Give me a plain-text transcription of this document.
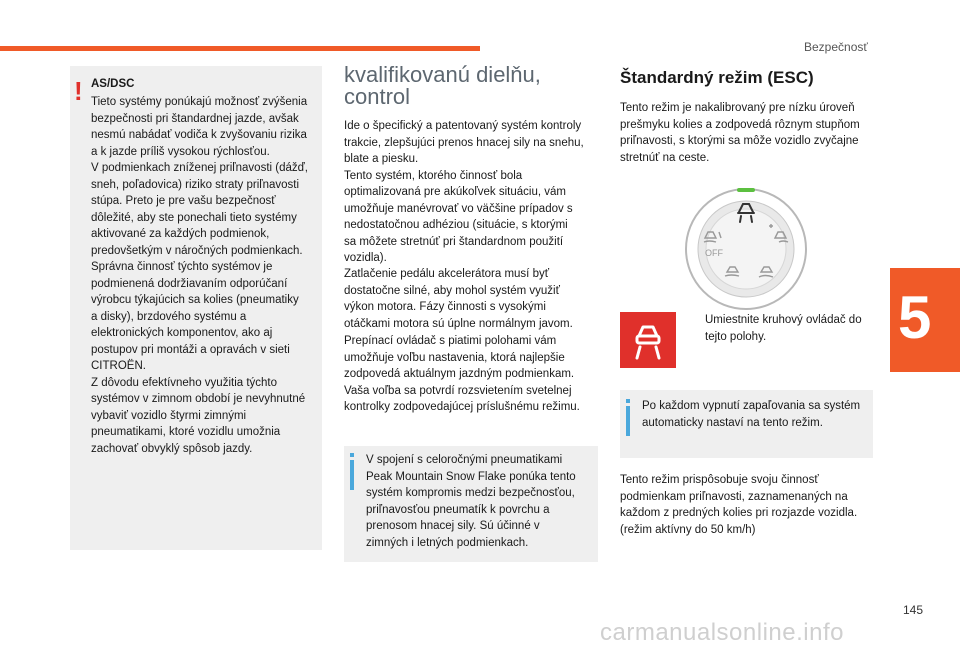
Bezpečnosť
5
! AS/DSC
Tieto systémy ponúkajú možnosť zvýšenia
bezpečnosti pri štandardnej jazde, avšak
nesmú nabádať vodiča k zvyšovaniu rizika
a k jazde príliš vysokou rýchlosťou.
V podmienkach zníženej priľnavosti (dážď,
sneh, poľadovica) riziko straty priľnavosti
stúpa. Preto je pre vašu bezpečnosť
dôležité, aby ste ponechali tieto systémy
aktivované za každých podmienok,
predovšetkým v náročných podmienkach.
Správna činnosť týchto systémov je
podmienená dodržiavaním odporúčaní
výrobcu týkajúcich sa kolies (pneumatiky
a disky), brzdového systému a
elektronických komponentov, ako aj
postupov pri montáži a opravách v sieti
CITROËN.
Z dôvodu efektívneho využitia týchto
systémov v zimnom období je nevyhnutné
vybaviť vozidlo štyrmi zimnými
pneumatikami, ktoré vozidlu umožnia
zachovať obvyklý spôsob jazdy.
kvalifikovanú dielňu,
control
Ide o špecifický a patentovaný systém kontroly
trakcie, zlepšujúci prenos hnacej sily na snehu,
blate a piesku.
Tento systém, ktorého činnosť bola
optimalizovaná pre akúkoľvek situáciu, vám
umožňuje manévrovať vo väčšine prípadov s
nedostatočnou adhéziou (situácie, s ktorými
sa môžete stretnúť pri štandardnom použití
vozidla).
Zatlačenie pedálu akcelerátora musí byť
dostatočne silné, aby mohol systém využiť
výkon motora. Fázy činnosti s vysokými
otáčkami motora sú úplne normálnym javom.
Prepínací ovládač s piatimi polohami vám
umožňuje voľbu nastavenia, ktorá najlepšie
zodpovedá aktuálnym jazdným podmienkam.
Vaša voľba sa potvrdí rozsvietením svetelnej
kontrolky zodpovedajúcej príslušnému režimu.
V spojení s celoročnými pneumatikami
Peak Mountain Snow Flake ponúka tento
systém kompromis medzi bezpečnosťou,
priľnavosťou pneumatík k povrchu a
prenosom hnacej sily. Sú účinné v
zimných i letných podmienkach.
Štandardný režim (ESC)
Tento režim je nakalibrovaný pre nízku úroveň
prešmyku kolies a zodpovedá rôznym stupňom
priľnavosti, s ktorými sa môže vozidlo zvyčajne
stretnúť na ceste.
OFF
Umiestnite kruhový ovládač do
tejto polohy.
Po každom vypnutí zapaľovania sa systém
automaticky nastaví na tento režim.
Tento režim prispôsobuje svoju činnosť
podmienkam priľnavosti, zaznamenaných na
každom z predných kolies pri rozjazde vozidla.
(režim aktívny do 50 km/h)
145
carmanualsonline.info
